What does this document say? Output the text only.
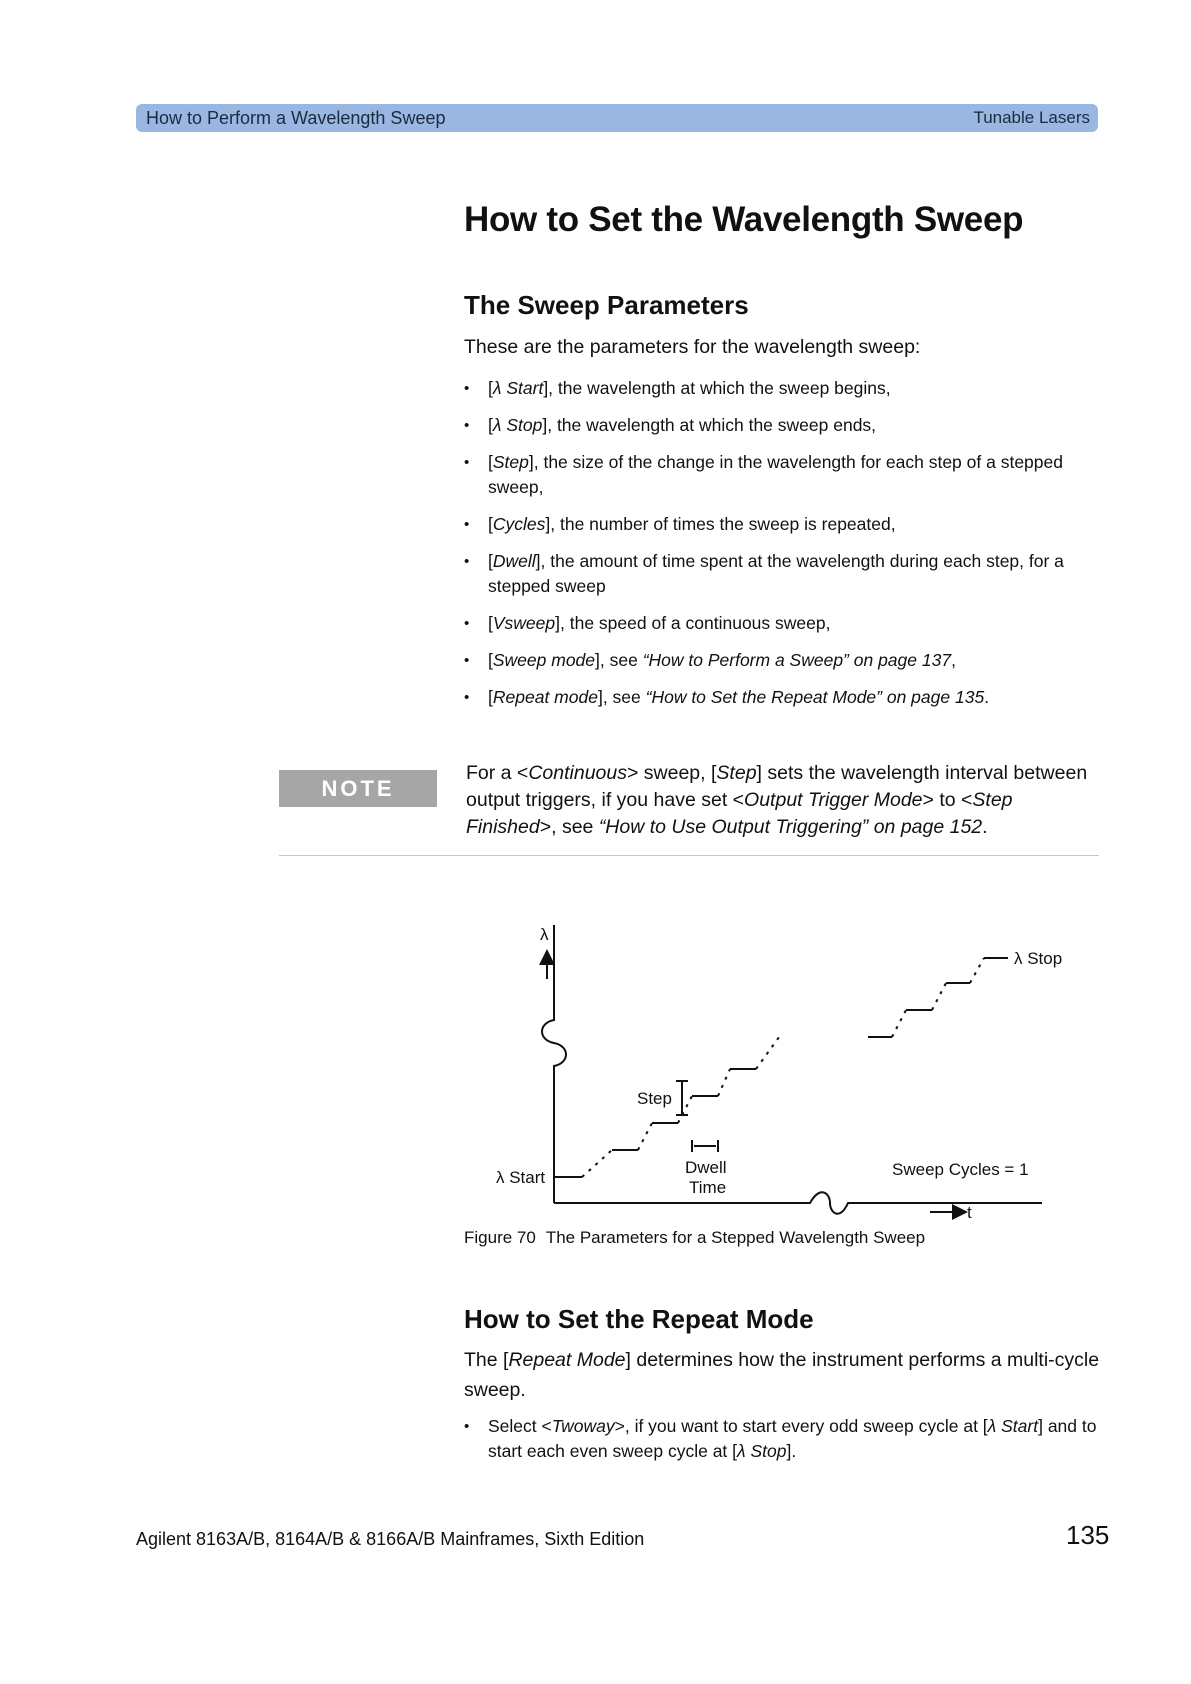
How to Perform a Wavelength Sweep	Tunable Lasers
How to Set the Wavelength Sweep
The Sweep Parameters

These are the parameters for the wavelength sweep:

• [λ Start], the wavelength at which the sweep begins,
• [λ Stop], the wavelength at which the sweep ends,
• [Step], the size of the change in the wavelength for each step of a stepped sweep,
• [Cycles], the number of times the sweep is repeated,
• [Dwell], the amount of time spent at the wavelength during each step, for a stepped sweep
• [Vsweep], the speed of a continuous sweep,
• [Sweep mode], see “How to Perform a Sweep” on page 137,
• [Repeat mode], see “How to Set the Repeat Mode” on page 135.
NOTE
For a <Continuous> sweep, [Step] sets the wavelength interval between output triggers, if you have set <Output Trigger Mode> to <Step Finished>, see “How to Use Output Triggering” on page 152.
λ
t
λ Start
λ Stop
Step
Dwell
Time
Sweep Cycles = 1
Figure 70 The Parameters for a Stepped Wavelength Sweep
How to Set the Repeat Mode

The [Repeat Mode] determines how the instrument performs a multi-cycle sweep.

• Select <Twoway>, if you want to start every odd sweep cycle at [λ Start] and to start each even sweep cycle at [λ Stop].
Agilent 8163A/B, 8164A/B & 8166A/B Mainframes, Sixth Edition	135
